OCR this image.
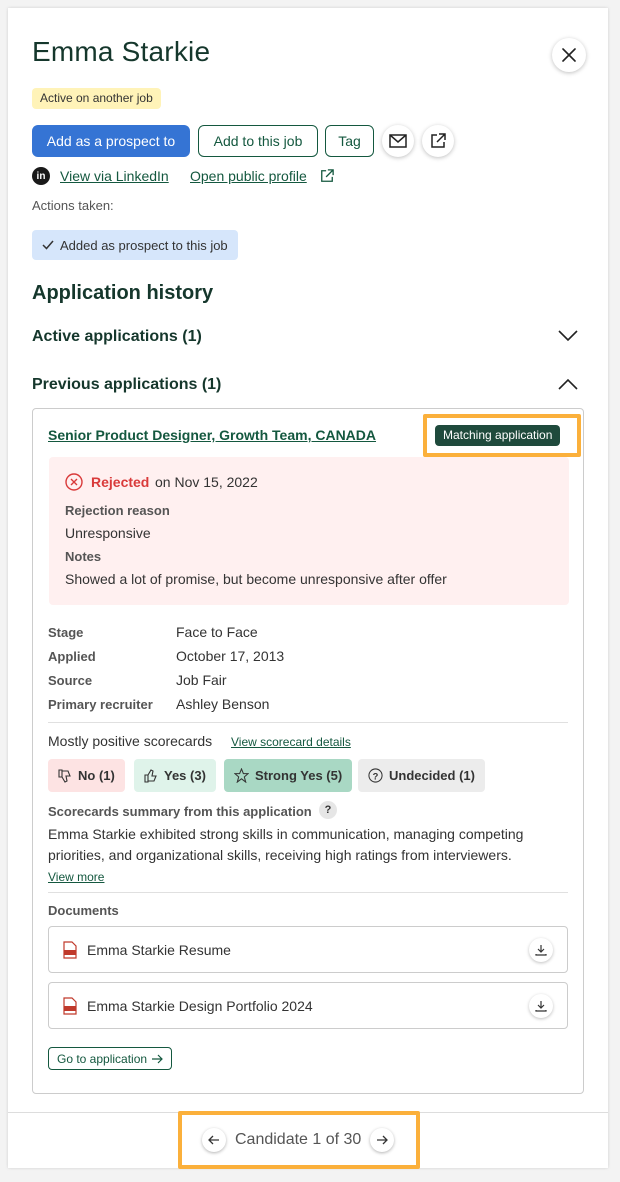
Emma Starkie
Active on another job
Add as a prospect to	Add to this job	Tag
in	View via LinkedIn Open public profile
Actions taken:
Added as prospect to this job
Application history
Active applications (1)
Previous applications (1)
Senior Product Designer, Growth Team, CANADA	Matching application
Rejected on Nov 15, 2022
Rejection reason
Unresponsive
Notes
Showed a lot of promise, but become unresponsive after offer
Stage	Face to Face
Applied	October 17, 2013
Source	Job Fair
Primary recruiter Ashley Benson
Mostly positive scorecards View scorecard details
No (1)	Yes (3)	Strong Yes (5)	? Undecided (1)
Scorecards summary from this application	?
Emma Starkie exhibited strong skills in communication, managing competing
priorities, and organizational skills, receiving high ratings from interviewers.
View more
Documents
Emma Starkie Resume
Emma Starkie Design Portfolio 2024
Go to application
Candidate 1 of 30
